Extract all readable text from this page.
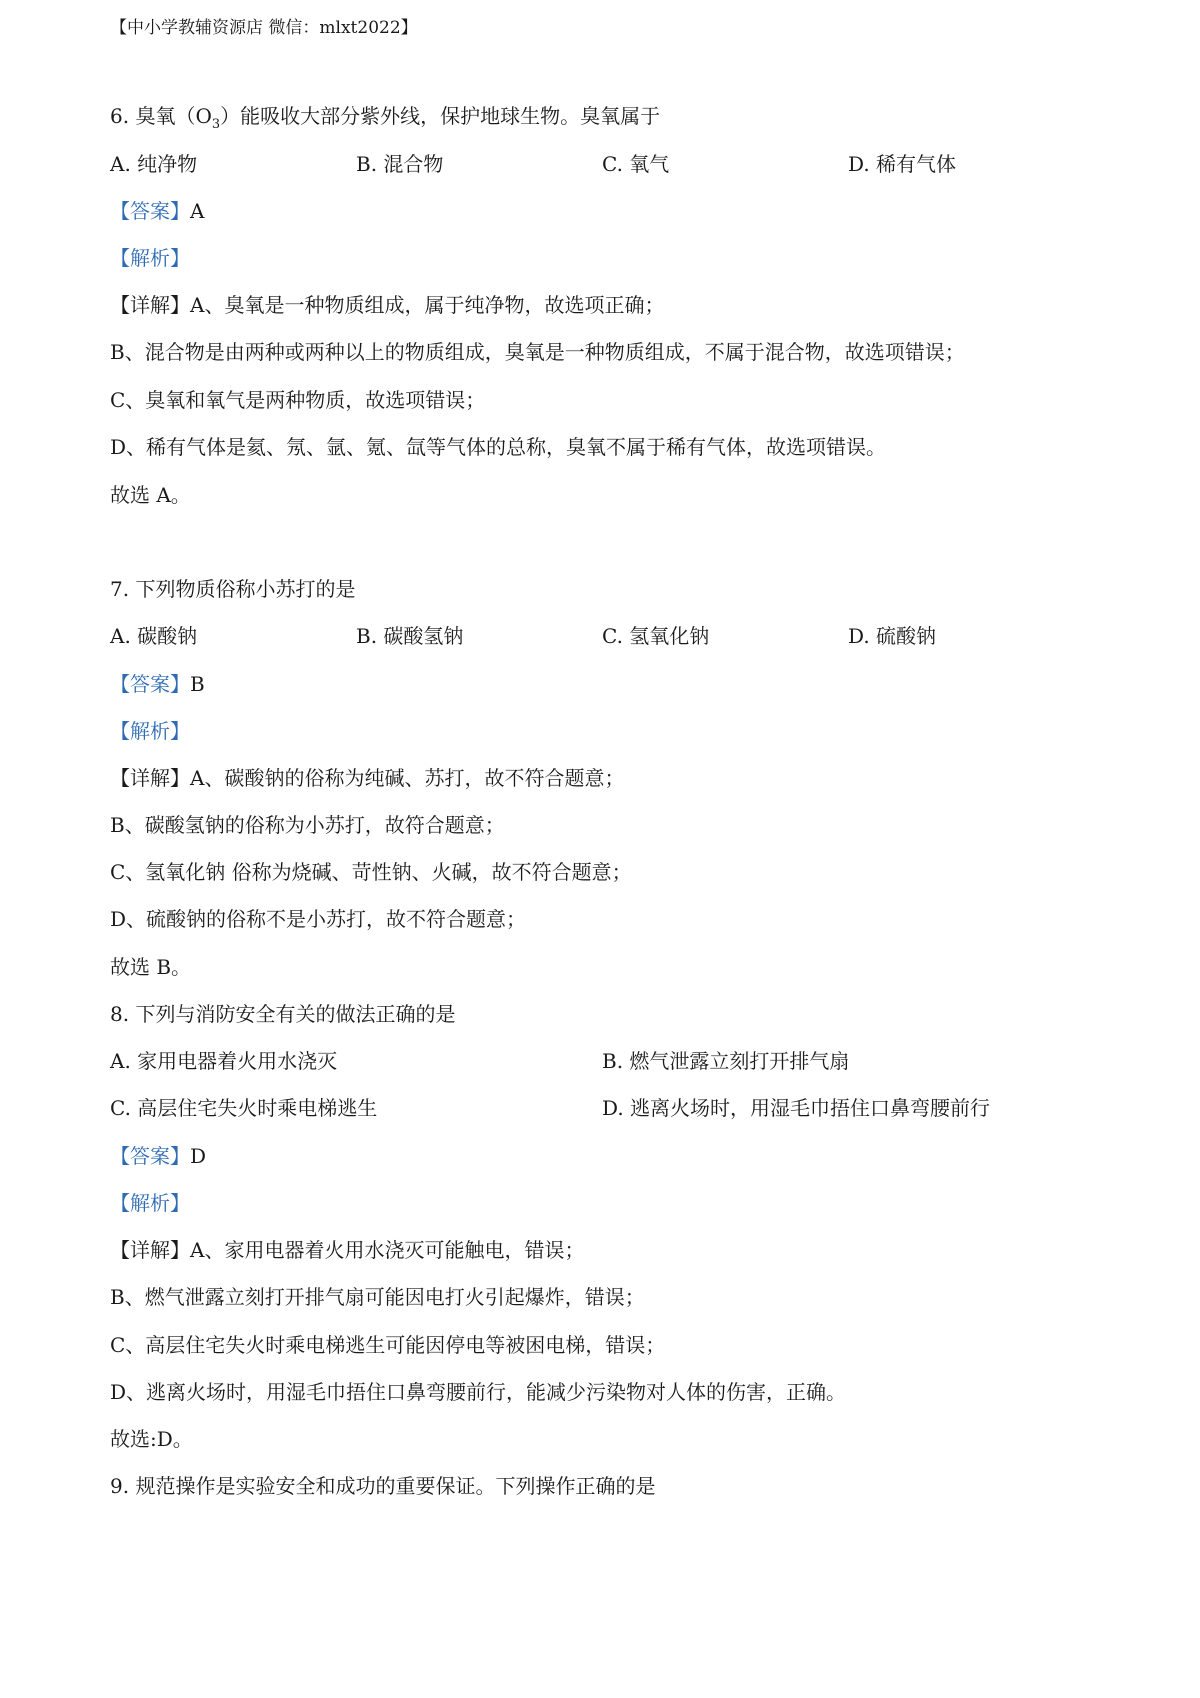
【中小学教辅资源店 微信：mlxt2022】
6. 臭氧$(O_3)$能吸收大部分紫外线，保护地球生物。臭氧属于
A. 纯净物	B. 混合物	C. 氧气	D. 稀有气体
【答案】A
【解析】
【详解】A、臭氧是一种物质组成，属于纯净物，故选项正确；
B、混合物是由两种或两种以上的物质组成，臭氧是一种物质组成，不属于混合物，故选项错误；
C、臭氧和氧气是两种物质，故选项错误；
D、稀有气体是氦、氖、氩、氪、氙等气体的总称，臭氧不属于稀有气体，故选项错误。
故选 A。
7. 下列物质俗称小苏打的是
A. 碳酸钠	B. 碳酸氢钠	C. 氢氧化钠	D. 硫酸钠
【答案】B
【解析】
【详解】A、碳酸钠的俗称为纯碱、苏打，故不符合题意；
B、碳酸氢钠的俗称为小苏打，故符合题意；
C、氢氧化钠 俗称为烧碱、苛性钠、火碱，故不符合题意；
D、硫酸钠的俗称不是小苏打，故不符合题意；
故选 B。
8. 下列与消防安全有关的做法正确的是
A. 家用电器着火用水浇灭	B. 燃气泄露立刻打开排气扇
C. 高层住宅失火时乘电梯逃生	D. 逃离火场时，用湿毛巾捂住口鼻弯腰前行
【答案】D
【解析】
【详解】A、家用电器着火用水浇灭可能触电，错误；
B、燃气泄露立刻打开排气扇可能因电打火引起爆炸，错误；
C、高层住宅失火时乘电梯逃生可能因停电等被困电梯，错误；
D、逃离火场时，用湿毛巾捂住口鼻弯腰前行，能减少污染物对人体的伤害，正确。
故选:D。
9. 规范操作是实验安全和成功的重要保证。下列操作正确的是
